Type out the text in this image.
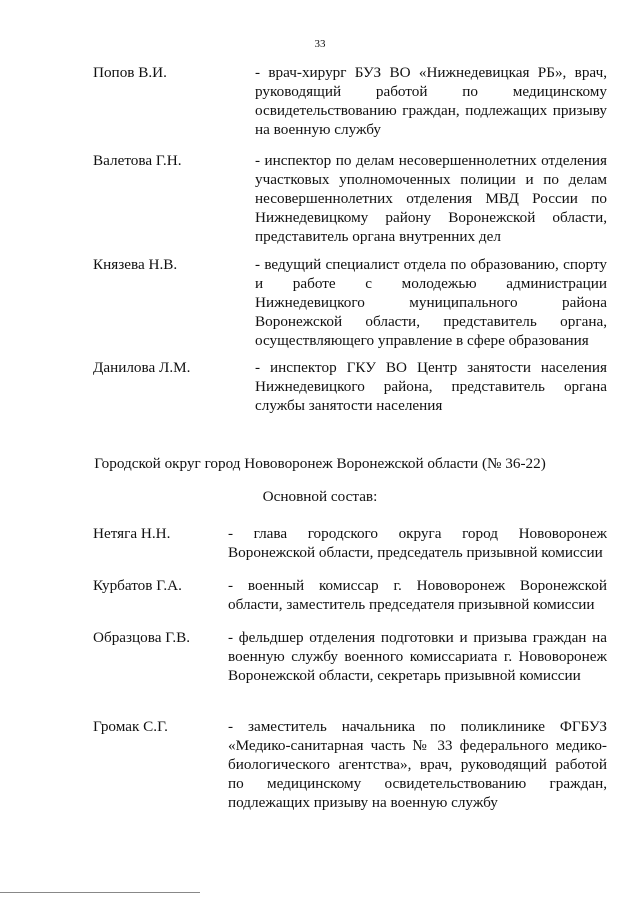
33
Попов В.И.	- врач-хирург БУЗ ВО «Нижнедевицкая РБ», врач, руководящий работой по медицинскому освидетельствованию граждан, подлежащих призыву на военную службу
Валетова Г.Н.	- инспектор по делам несовершеннолетних отделения участковых уполномоченных полиции и по делам несовершеннолетних отделения МВД России по Нижнедевицкому району Воронежской области, представитель органа внутренних дел
Князева Н.В.	- ведущий специалист отдела по образованию, спорту и работе с молодежью администрации Нижнедевицкого муниципального района Воронежской области, представитель органа, осуществляющего управление в сфере образования
Данилова Л.М.	- инспектор ГКУ ВО Центр занятости населения Нижнедевицкого района, представитель органа службы занятости населения
Городской округ город Нововоронеж Воронежской области (№ 36-22)
Основной состав:
Нетяга Н.Н.	- глава городского округа город Нововоронеж Воронежской области, председатель призывной комиссии
Курбатов Г.А.	- военный комиссар г. Нововоронеж Воронежской области, заместитель председателя призывной комиссии
Образцова Г.В. - фельдшер отделения подготовки и призыва граждан на военную службу военного комиссариата г. Нововоронеж Воронежской области, секретарь призывной комиссии
Громак С.Г.	- заместитель начальника по поликлинике ФГБУЗ «Медико-санитарная часть № 33 федерального медико-биологического агентства», врач, руководящий работой по медицинскому освидетельствованию граждан, подлежащих призыву на военную службу
